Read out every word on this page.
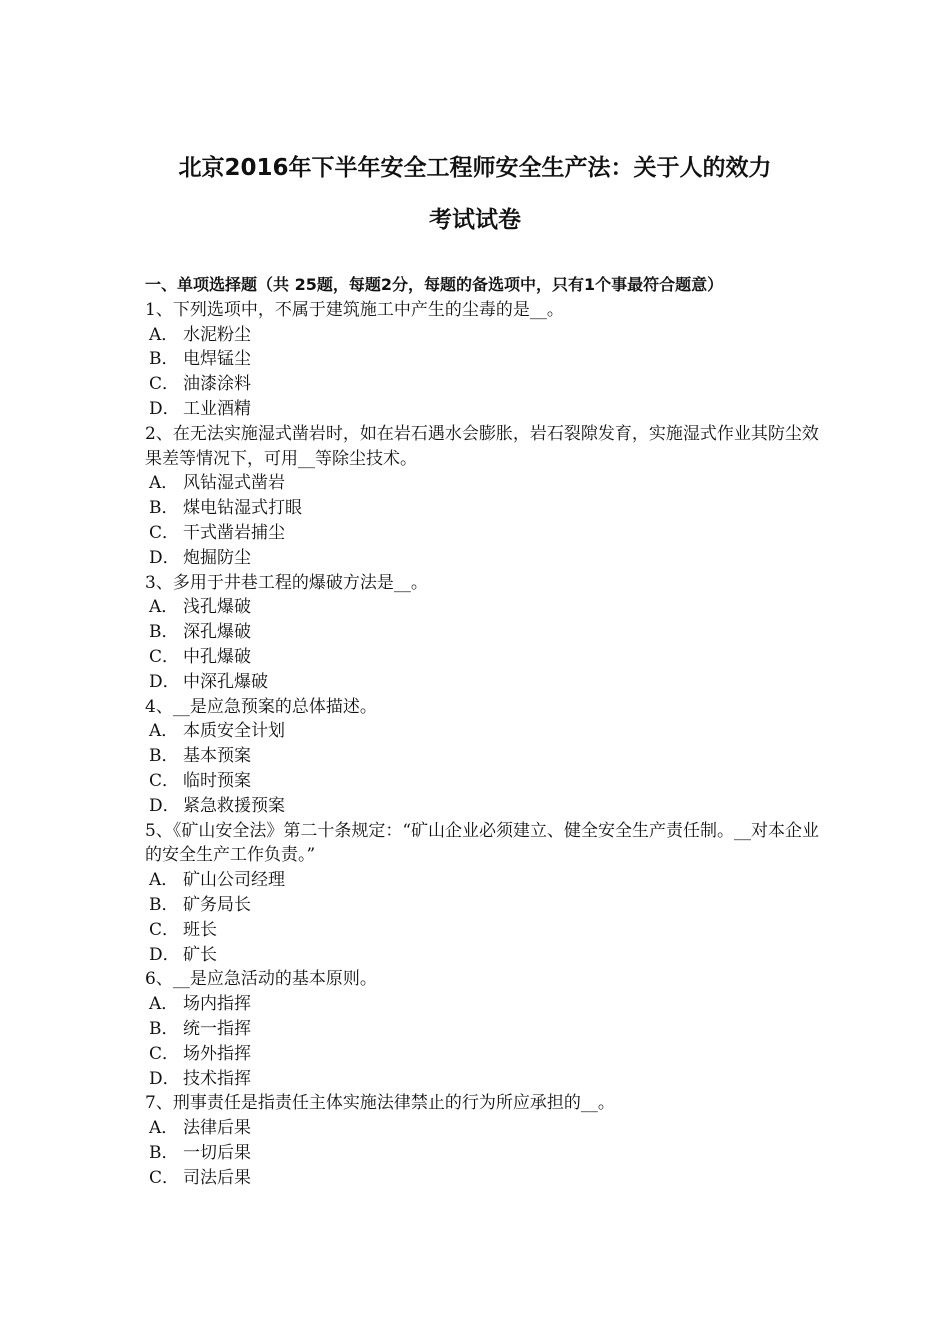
北京2016年下半年安全工程师安全生产法：关于人的效力
考试试卷
一、单项选择题（共 25题，每题2分，每题的备选项中，只有1个事最符合题意）

1、下列选项中，不属于建筑施工中产生的尘毒的是__。

A． 水泥粉尘

B． 电焊锰尘

C． 油漆涂料

D． 工业酒精

2、在无法实施湿式凿岩时，如在岩石遇水会膨胀，岩石裂隙发育，实施湿式作业其防尘效果差等情况下，可用__等除尘技术。

A． 风钻湿式凿岩

B． 煤电钻湿式打眼

C． 干式凿岩捕尘

D． 炮掘防尘

3、多用于井巷工程的爆破方法是__。

A． 浅孔爆破

B． 深孔爆破

C． 中孔爆破

D． 中深孔爆破

4、__是应急预案的总体描述。

A． 本质安全计划

B． 基本预案

C． 临时预案

D． 紧急救援预案

5、《矿山安全法》第二十条规定：“矿山企业必须建立、健全安全生产责任制。__对本企业的安全生产工作负责。”

A． 矿山公司经理

B． 矿务局长

C． 班长

D． 矿长

6、__是应急活动的基本原则。

A． 场内指挥

B． 统一指挥

C． 场外指挥

D． 技术指挥

7、刑事责任是指责任主体实施法律禁止的行为所应承担的__。

A． 法律后果

B． 一切后果

C． 司法后果
